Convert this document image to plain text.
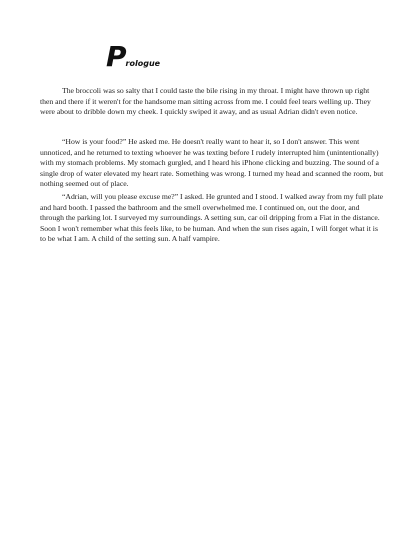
Prologue

The broccoli was so salty that I could taste the bile rising in my throat. I might have thrown up right then and there if it weren't for the handsome man sitting across from me. I could feel tears welling up. They were about to dribble down my cheek. I quickly swiped it away, and as usual Adrian didn't even notice.

“How is your food?” He asked me. He doesn't really want to hear it, so I don't answer. This went unnoticed, and he returned to texting whoever he was texting before I rudely interrupted him (unintentionally) with my stomach problems. My stomach gurgled, and I heard his iPhone clicking and buzzing. The sound of a single drop of water elevated my heart rate. Something was wrong. I turned my head and scanned the room, but nothing seemed out of place.

“Adrian, will you please excuse me?” I asked. He grunted and I stood. I walked away from my full plate and hard booth. I passed the bathroom and the smell overwhelmed me. I continued on, out the door, and through the parking lot. I surveyed my surroundings. A setting sun, car oil dripping from a Fiat in the distance. Soon I won't remember what this feels like, to be human. And when the sun rises again, I will forget what it is to be what I am. A child of the setting sun. A half vampire.
